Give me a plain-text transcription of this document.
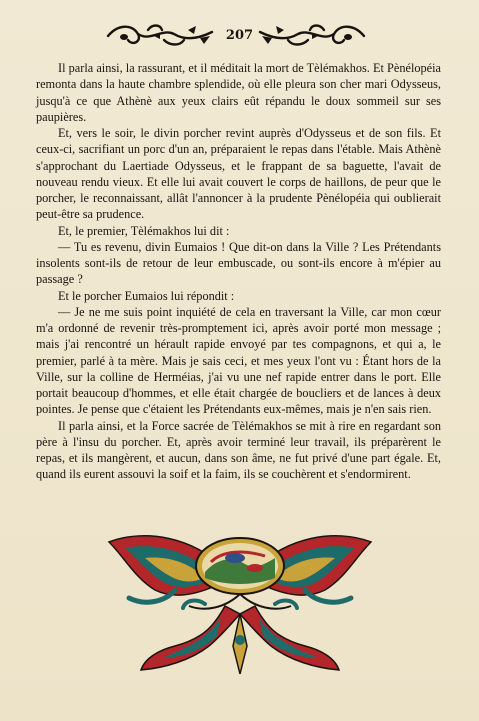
207

Il parla ainsi, la rassurant, et il méditait la mort de Tèlémakhos. Et Pènélopéia remonta dans la haute chambre splendide, où elle pleura son cher mari Odysseus, jusqu'à ce que Athènè aux yeux clairs eût répandu le doux sommeil sur ses paupières.

Et, vers le soir, le divin porcher revint auprès d'Odysseus et de son fils. Et ceux-ci, sacrifiant un porc d'un an, préparaient le repas dans l'étable. Mais Athènè s'approchant du Laertiade Odysseus, et le frappant de sa baguette, l'avait de nouveau rendu vieux. Et elle lui avait couvert le corps de haillons, de peur que le porcher, le reconnaissant, allât l'annoncer à la prudente Pènélopéia qui oublierait peut-être sa prudence.

Et, le premier, Tèlémakhos lui dit :

— Tu es revenu, divin Eumaios ! Que dit-on dans la Ville ? Les Prétendants insolents sont-ils de retour de leur embuscade, ou sont-ils encore à m'épier au passage ?

Et le porcher Eumaios lui répondit :

— Je ne me suis point inquiété de cela en traversant la Ville, car mon cœur m'a ordonné de revenir très-promptement ici, après avoir porté mon message ; mais j'ai rencontré un hérault rapide envoyé par tes compagnons, et qui a, le premier, parlé à ta mère. Mais je sais ceci, et mes yeux l'ont vu : Étant hors de la Ville, sur la colline de Herméias, j'ai vu une nef rapide entrer dans le port. Elle portait beaucoup d'hommes, et elle était chargée de boucliers et de lances à deux pointes. Je pense que c'étaient les Prétendants eux-mêmes, mais je n'en sais rien.

Il parla ainsi, et la Force sacrée de Tèlémakhos se mit à rire en regardant son père à l'insu du porcher. Et, après avoir terminé leur travail, ils préparèrent le repas, et ils mangèrent, et aucun, dans son âme, ne fut privé d'une part égale. Et, quand ils eurent assouvi la soif et la faim, ils se couchèrent et s'endormirent.
